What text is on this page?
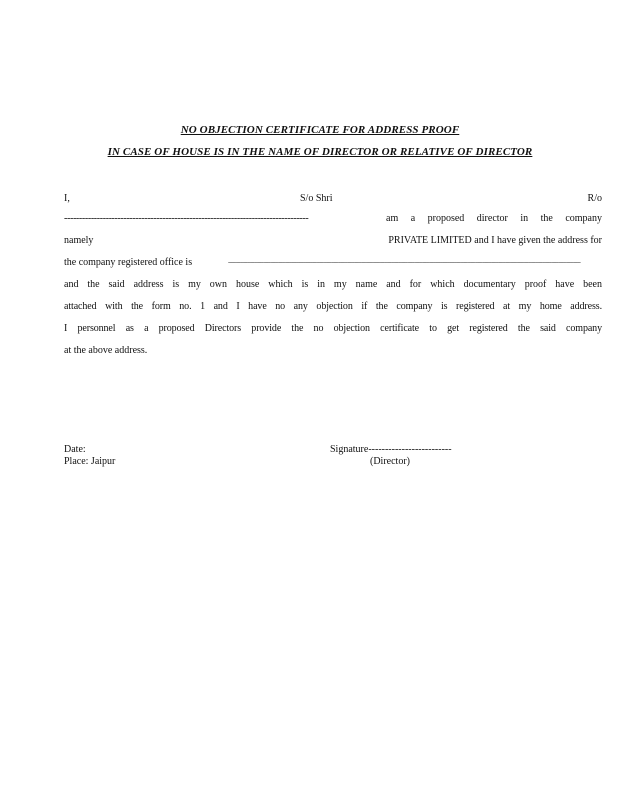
NO OBJECTION CERTIFICATE FOR ADDRESS PROOF
IN CASE OF HOUSE IS IN THE NAME OF DIRECTOR OR RELATIVE OF DIRECTOR
I,	S/o Shri	R/o
----------------------------------------------------------------------------------	am a proposed director in the company
namely	PRIVATE LIMITED and I have given the address for
the company registered office is	------------------------------------------------------------------------------------------------------------------------------------------------------------------------------------------------------------------------------------------------------------
and the said address is my own house which is in my name and for which documentary proof have been
attached with the form no. 1 and I have no any objection if the company is registered at my home address.
I personnel as a proposed Directors provide the no objection certificate to get registered the said company
at the above address.
Date:
Place: Jaipur
Signature-------------------------
(Director)
